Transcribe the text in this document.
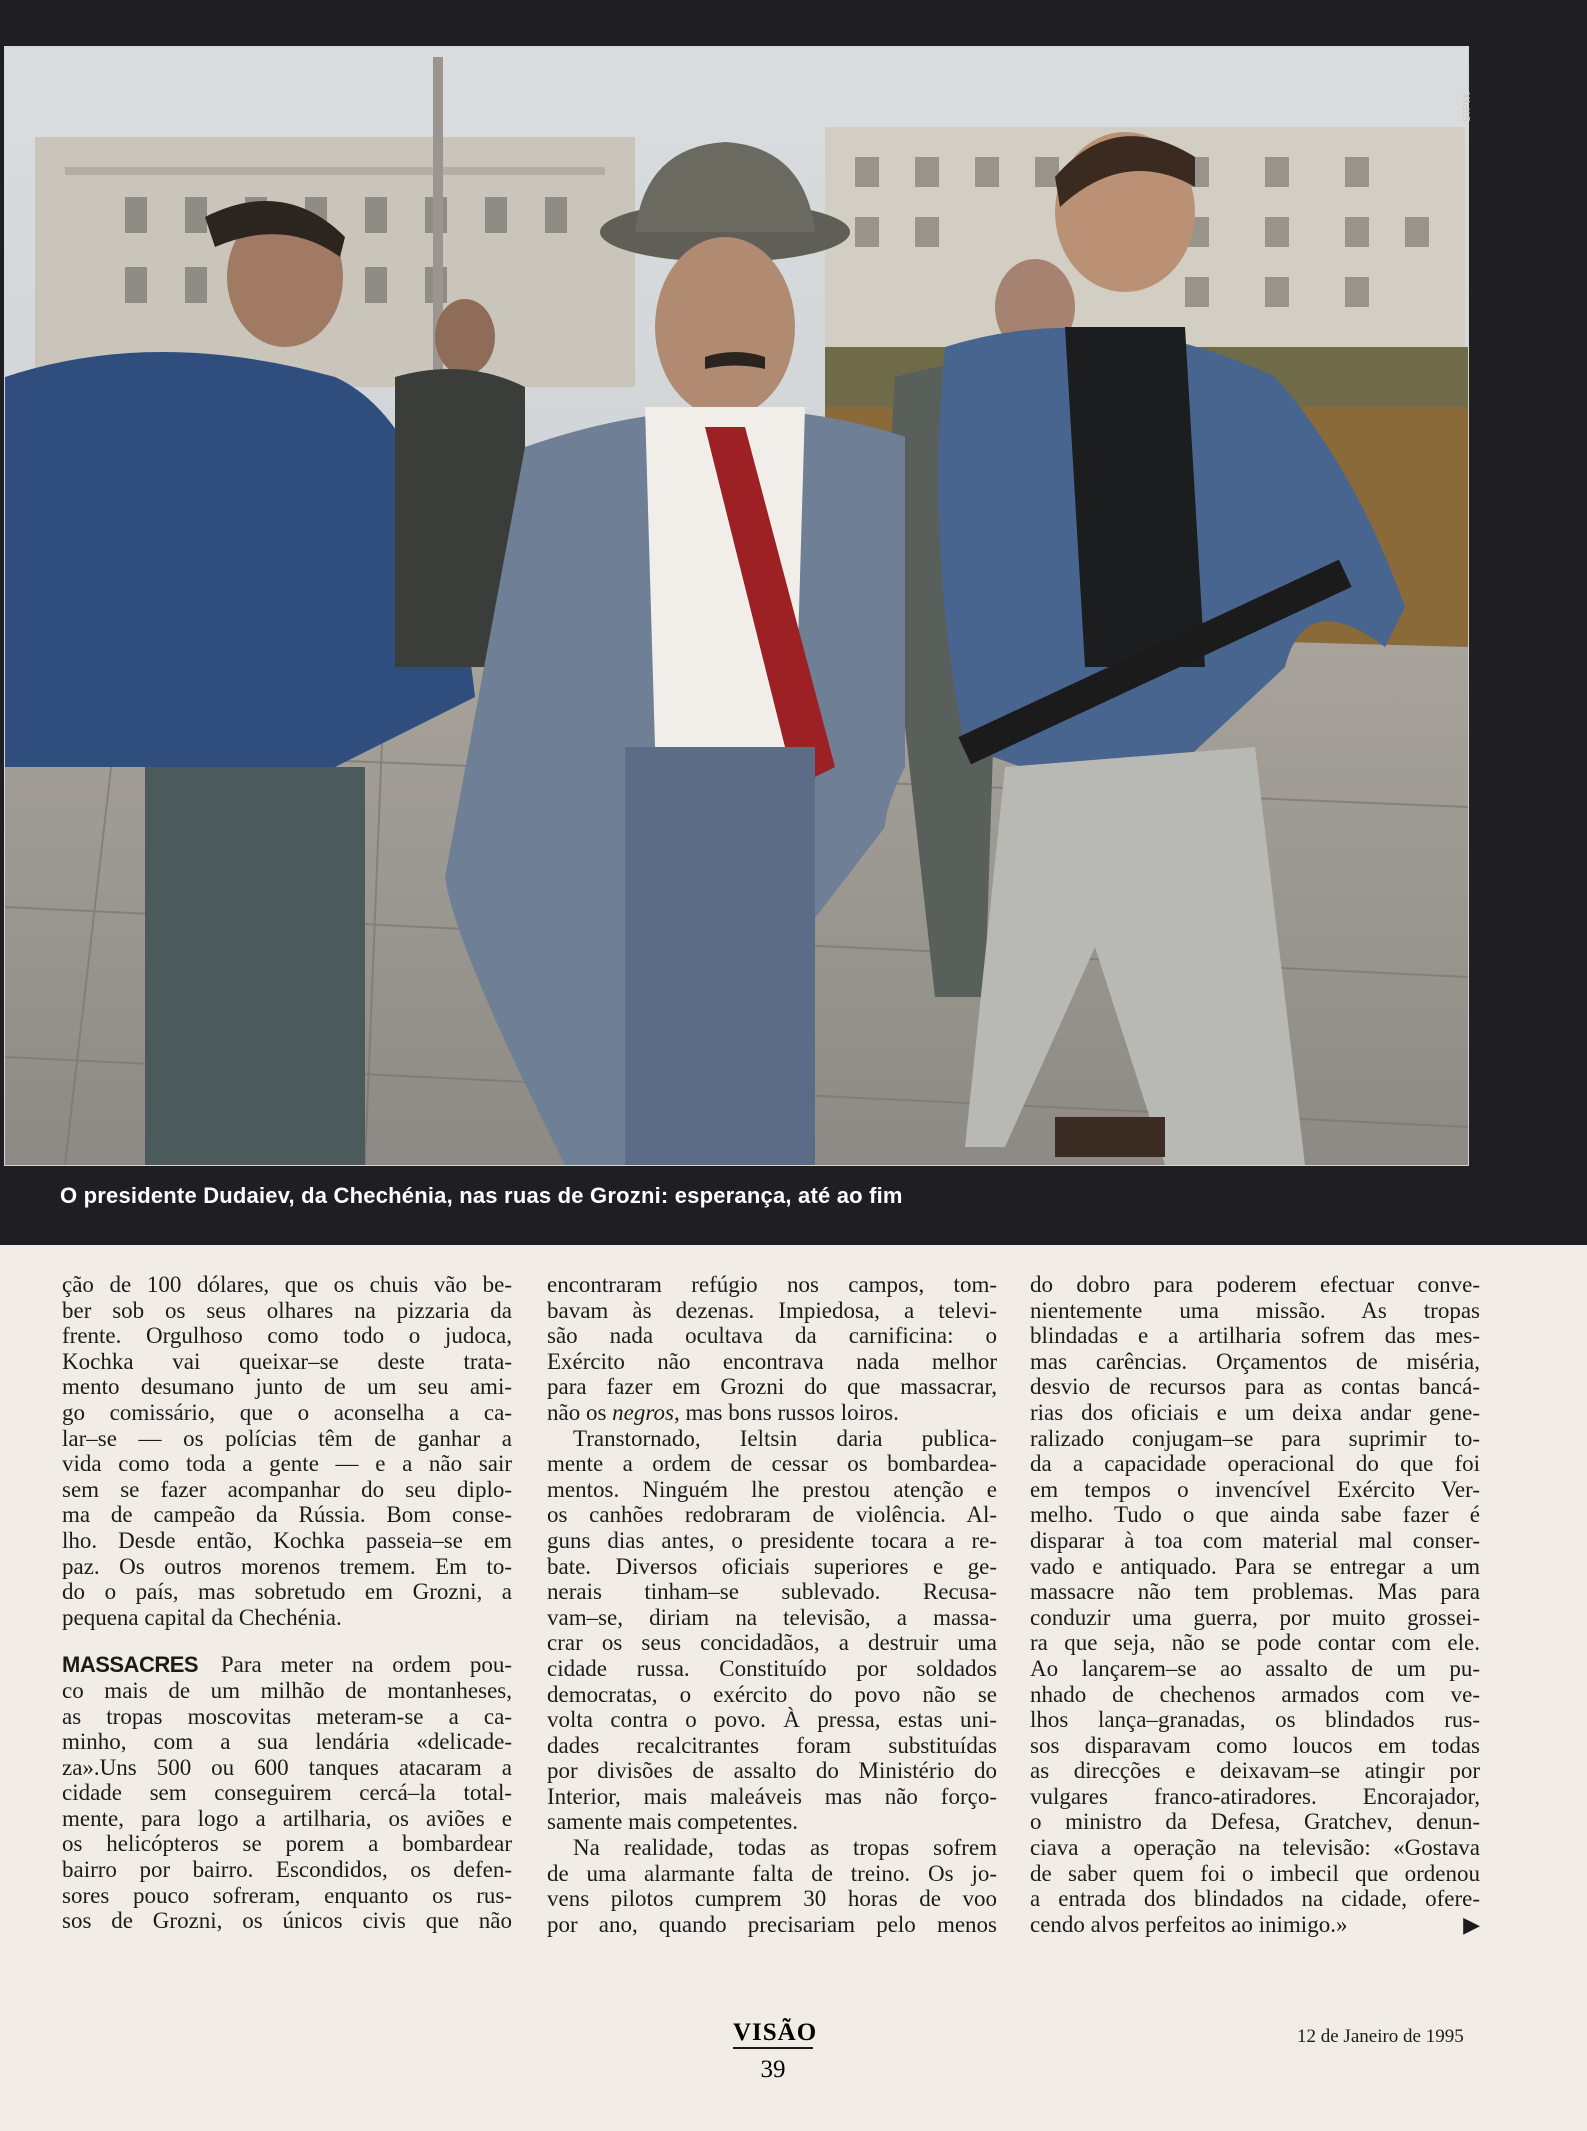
SIPIX
O presidente Dudaiev, da Chechénia, nas ruas de Grozni: esperança, até ao fim
ção de 100 dólares, que os chuis vão be-
ber sob os seus olhares na pizzaria da
frente. Orgulhoso como todo o judoca,
Kochka vai queixar–se deste trata-
mento desumano junto de um seu ami-
go comissário, que o aconselha a ca-
lar–se — os polícias têm de ganhar a
vida como toda a gente — e a não sair
sem se fazer acompanhar do seu diplo-
ma de campeão da Rússia. Bom conse-
lho. Desde então, Kochka passeia–se em
paz. Os outros morenos tremem. Em to-
do o país, mas sobretudo em Grozni, a
pequena capital da Chechénia.
MASSACRES Para meter na ordem pou-
co mais de um milhão de montanheses,
as tropas moscovitas meteram-se a ca-
minho, com a sua lendária «delicade-
za».Uns 500 ou 600 tanques atacaram a
cidade sem conseguirem cercá–la total-
mente, para logo a artilharia, os aviões e
os helicópteros se porem a bombardear
bairro por bairro. Escondidos, os defen-
sores pouco sofreram, enquanto os rus-
sos de Grozni, os únicos civis que não
encontraram refúgio nos campos, tom-
bavam às dezenas. Impiedosa, a televi-
são nada ocultava da carnificina: o
Exército não encontrava nada melhor
para fazer em Grozni do que massacrar,
não os negros, mas bons russos loiros.
Transtornado, Ieltsin daria publica-
mente a ordem de cessar os bombardea-
mentos. Ninguém lhe prestou atenção e
os canhões redobraram de violência. Al-
guns dias antes, o presidente tocara a re-
bate. Diversos oficiais superiores e ge-
nerais tinham–se sublevado. Recusa-
vam–se, diriam na televisão, a massa-
crar os seus concidadãos, a destruir uma
cidade russa. Constituído por soldados
democratas, o exército do povo não se
volta contra o povo. À pressa, estas uni-
dades recalcitrantes foram substituídas
por divisões de assalto do Ministério do
Interior, mais maleáveis mas não forço-
samente mais competentes.
Na realidade, todas as tropas sofrem
de uma alarmante falta de treino. Os jo-
vens pilotos cumprem 30 horas de voo
por ano, quando precisariam pelo menos
do dobro para poderem efectuar conve-
nientemente uma missão. As tropas
blindadas e a artilharia sofrem das mes-
mas carências. Orçamentos de miséria,
desvio de recursos para as contas bancá-
rias dos oficiais e um deixa andar gene-
ralizado conjugam–se para suprimir to-
da a capacidade operacional do que foi
em tempos o invencível Exército Ver-
melho. Tudo o que ainda sabe fazer é
disparar à toa com material mal conser-
vado e antiquado. Para se entregar a um
massacre não tem problemas. Mas para
conduzir uma guerra, por muito grossei-
ra que seja, não se pode contar com ele.
Ao lançarem–se ao assalto de um pu-
nhado de chechenos armados com ve-
lhos lança–granadas, os blindados rus-
sos disparavam como loucos em todas
as direcções e deixavam–se atingir por
vulgares franco-atiradores. Encorajador,
o ministro da Defesa, Gratchev, denun-
ciava a operação na televisão: «Gostava
de saber quem foi o imbecil que ordenou
a entrada dos blindados na cidade, ofere-
cendo alvos perfeitos ao inimigo.»	▶
VISÃO
39
12 de Janeiro de 1995
